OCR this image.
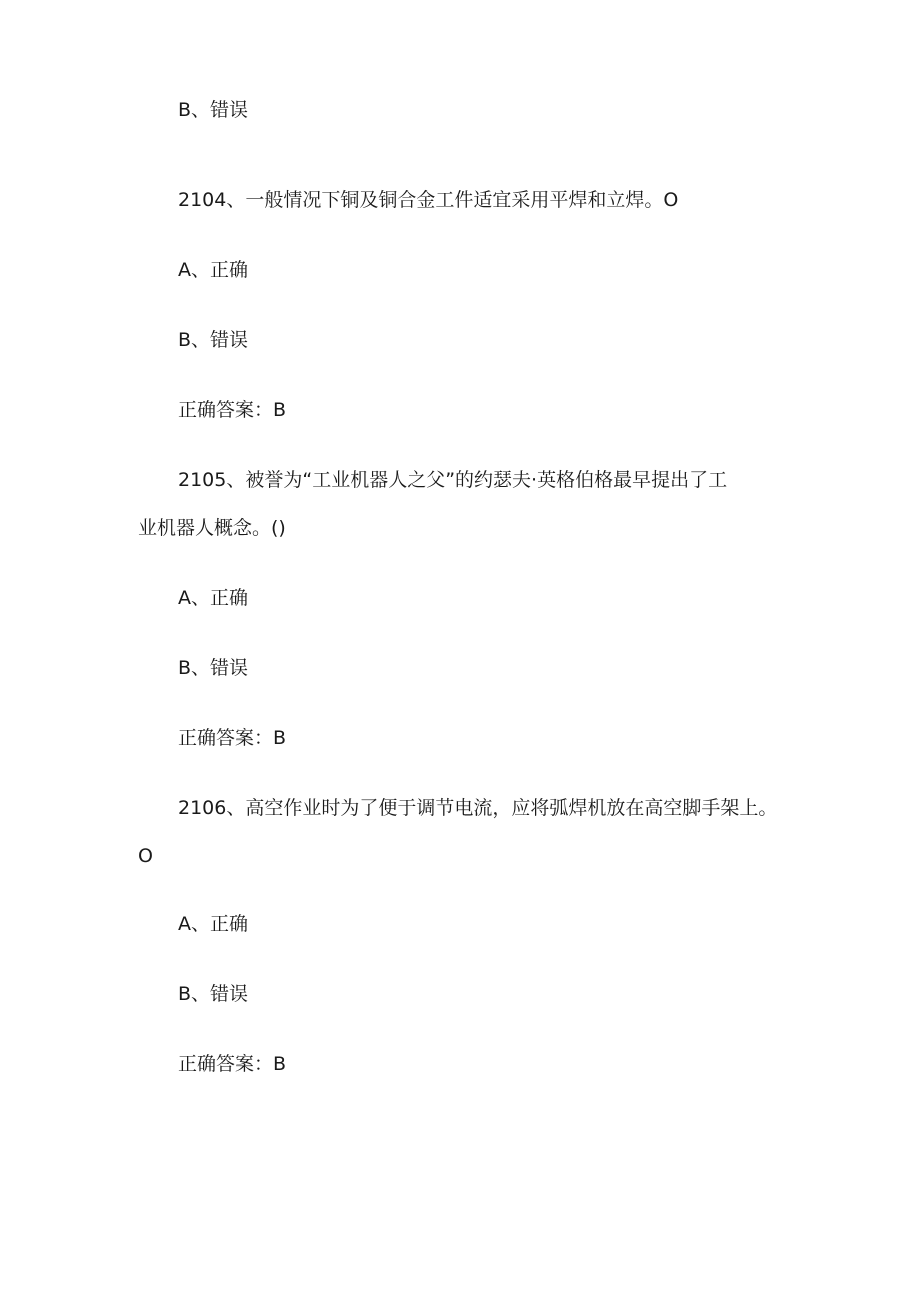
B、错误
2104、一般情况下铜及铜合金工件适宜采用平焊和立焊。O
A、正确
B、错误
正确答案：B
2105、被誉为“工业机器人之父”的约瑟夫·英格伯格最早提出了工
业机器人概念。()
A、正确
B、错误
正确答案：B
2106、高空作业时为了便于调节电流，应将弧焊机放在高空脚手架上。
O
A、正确
B、错误
正确答案：B
